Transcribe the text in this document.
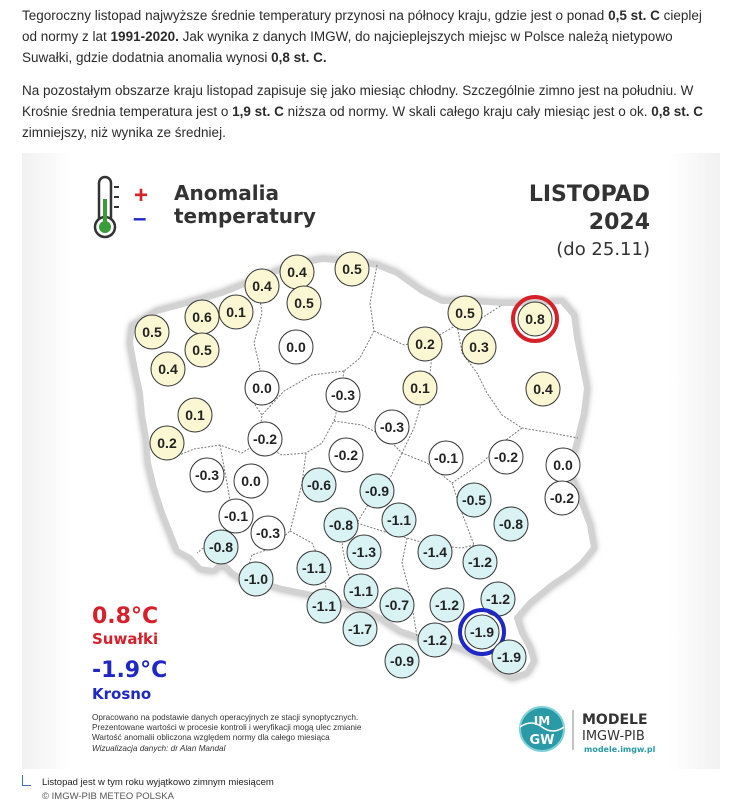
Tegoroczny listopad najwyższe średnie temperatury przynosi na północy kraju, gdzie jest o ponad 0,5 st. C cieplej od normy z lat 1991-2020. Jak wynika z danych IMGW, do najcieplejszych miejsc w Polsce należą nietypowo Suwałki, gdzie dodatnia anomalia wynosi 0,8 st. C.

Na pozostałym obszarze kraju listopad zapisuje się jako miesiąc chłodny. Szczególnie zimno jest na południu. W Krośnie średnia temperatura jest o 1,9 st. C niższa od normy. W skali całego kraju cały miesiąc jest o ok. 0,8 st. C zimniejszy, niż wynika ze średniej.

+
–
Anomalia
temperatury
LISTOPAD
2024
(do 25.11)
0.4
0.4	0.5
0.6 0.1
0.5
0.5
0.5
0.5	0.8
0.4
0.0	0.2 0.3
0.0	-0.3	0.1	0.4
0.1
-0.3
0.2	-0.2
-0.2	-0.1	-0.2	0.0
-0.3 0.0	-0.6 -0.9
-0.5	-0.2
-0.1
-0.3	-0.8 -1.1	-0.8
-0.8	-1.3	-1.4
-1.2
-1.0
-1.1
-1.1	-1.2
-1.1	-0.7 -1.2
-1.2
-1.7	-1.9
-0.9	-1.9
0.8°C
Suwałki
-1.9°C
Krosno
Opracowano na podstawie danych operacyjnych ze stacji synoptycznych.
Prezentowane wartości w procesie kontroli i weryfikacji mogą ulec zmianie
Wartość anomalii obliczona względem normy dla całego miesiąca
Wizualizacja danych: dr Alan Mandal
IM
GW
MODELE
IMGW-PIB
modele.imgw.pl
Listopad jest w tym roku wyjątkowo zimnym miesiącem
© IMGW-PIB METEO POLSKA
